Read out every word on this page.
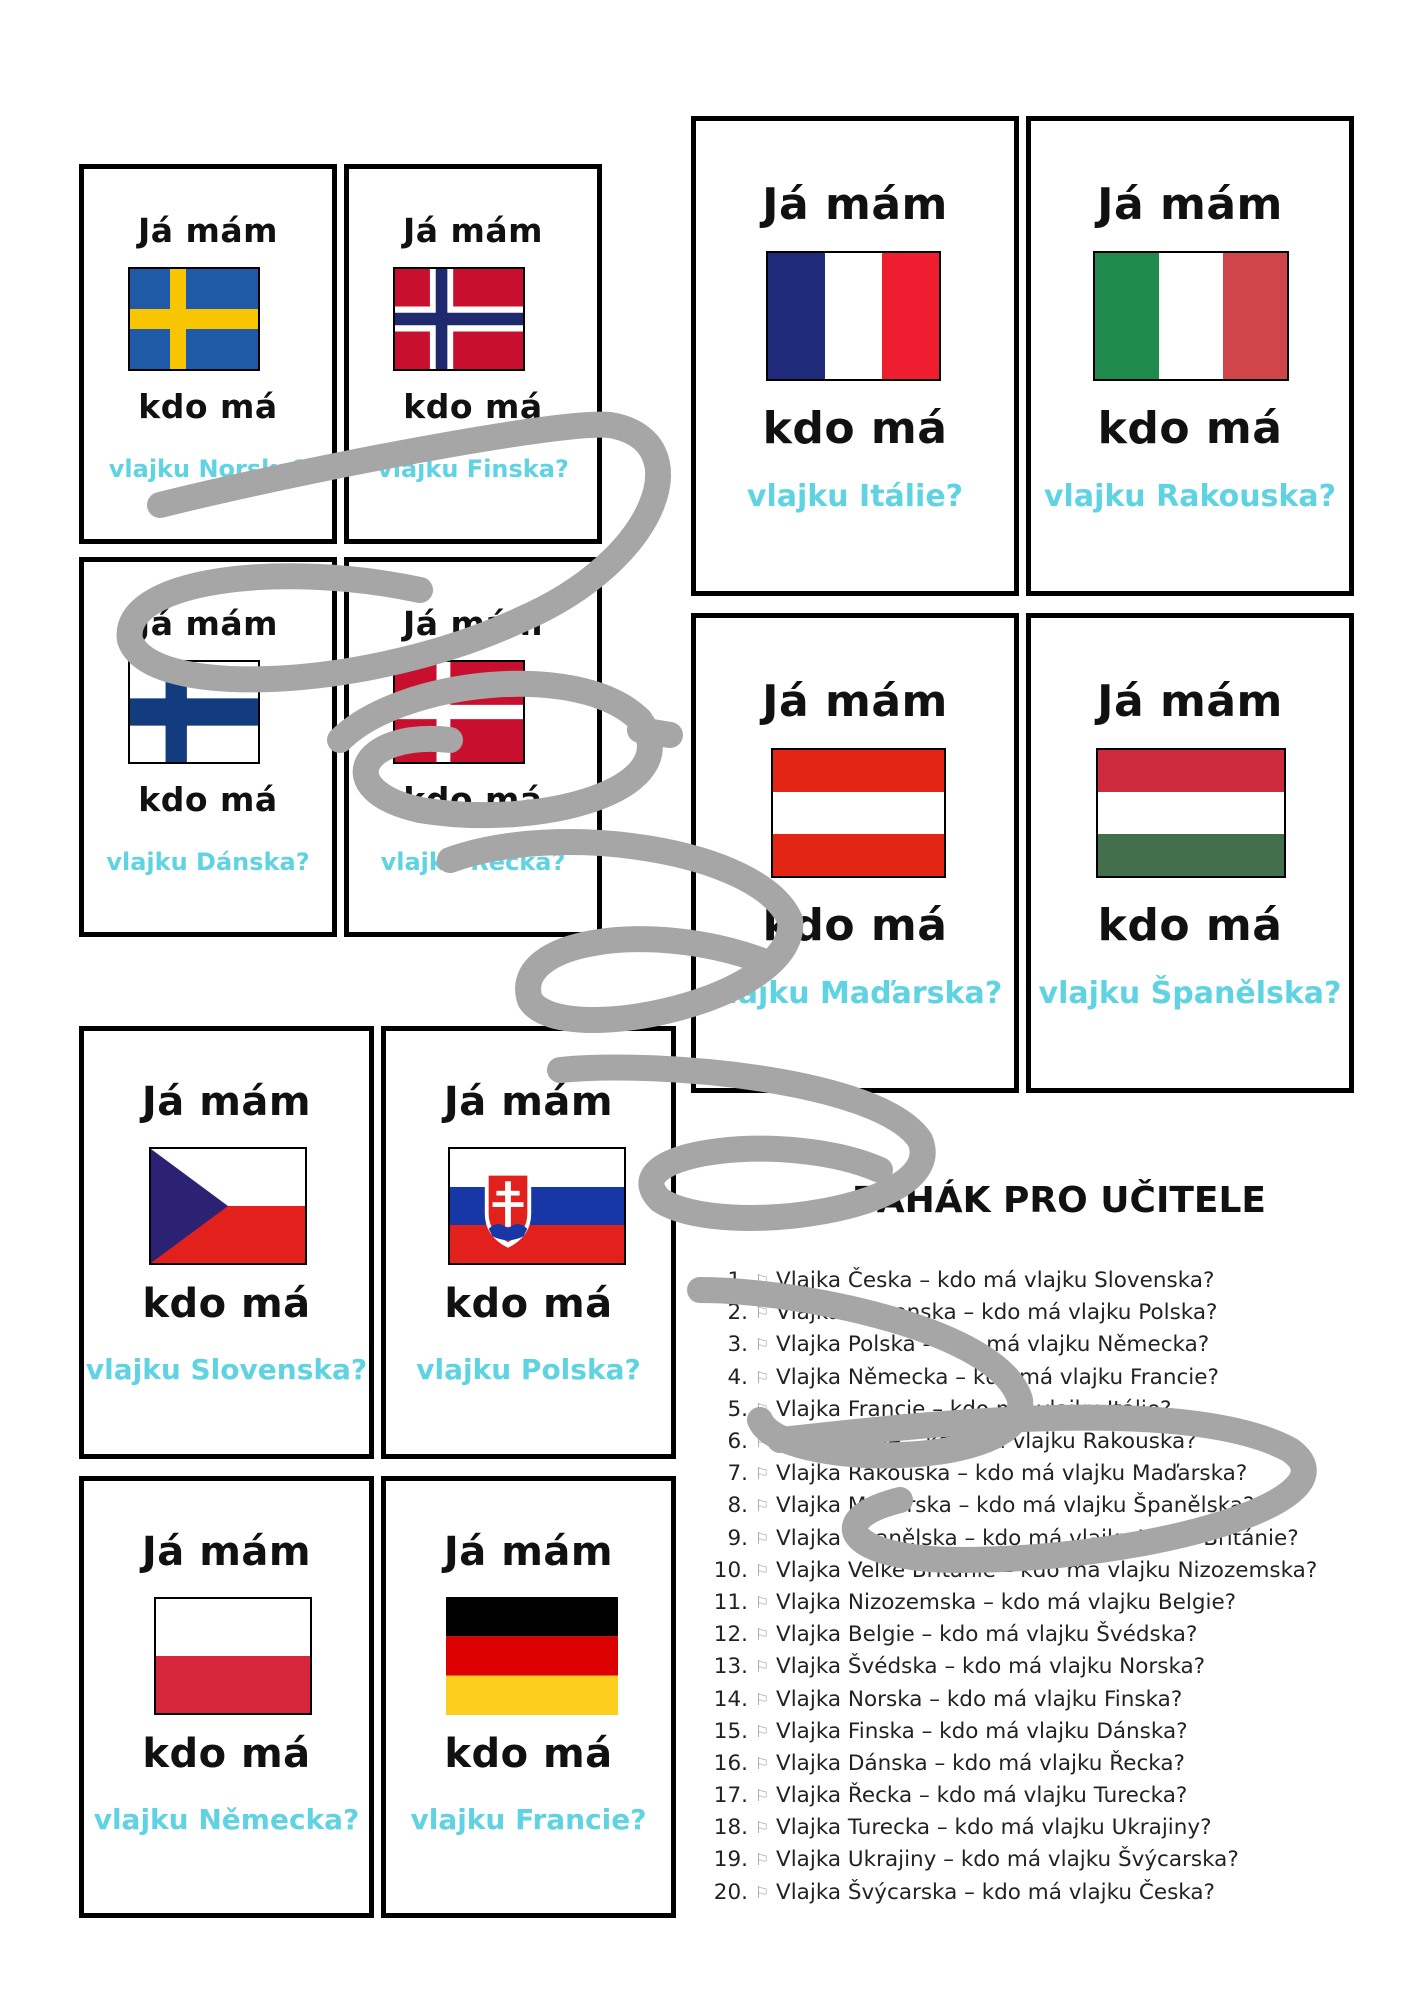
Já mám
kdo má
vlajku Norska?
Já mám
kdo má
vlajku Finska?
Já mám
kdo má
vlajku Dánska?
Já mám
kdo má
vlajku Řecka?
Já mám
kdo má
vlajku Itálie?
Já mám
kdo má
vlajku Rakouska?
Já mám
kdo má
vlajku Maďarska?
Já mám
kdo má
vlajku Španělska?
Já mám
kdo má
vlajku Slovenska?
Já mám
kdo má
vlajku Polska?
Já mám
kdo má
vlajku Německa?
Já mám
kdo má
vlajku Francie?
TAHÁK PRO UČITELE
1. ⚐ Vlajka Česka – kdo má vlajku Slovenska?
2. ⚐ Vlajka Slovenska – kdo má vlajku Polska?
3. ⚐ Vlajka Polska – kdo má vlajku Německa?
4. ⚐ Vlajka Německa – kdo má vlajku Francie?
5. ⚐ Vlajka Francie – kdo má vlajku Itálie?
6. ⚐ Vlajka Itálie – kdo má vlajku Rakouska?
7. ⚐ Vlajka Rakouska – kdo má vlajku Maďarska?
8. ⚐ Vlajka Maďarska – kdo má vlajku Španělska?
9. ⚐ Vlajka Španělska – kdo má vlajku Velké Británie?
10. ⚐ Vlajka Velké Británie – kdo má vlajku Nizozemska?
11. ⚐ Vlajka Nizozemska – kdo má vlajku Belgie?
12. ⚐ Vlajka Belgie – kdo má vlajku Švédska?
13. ⚐ Vlajka Švédska – kdo má vlajku Norska?
14. ⚐ Vlajka Norska – kdo má vlajku Finska?
15. ⚐ Vlajka Finska – kdo má vlajku Dánska?
16. ⚐ Vlajka Dánska – kdo má vlajku Řecka?
17. ⚐ Vlajka Řecka – kdo má vlajku Turecka?
18. ⚐ Vlajka Turecka – kdo má vlajku Ukrajiny?
19. ⚐ Vlajka Ukrajiny – kdo má vlajku Švýcarska?
20. ⚐ Vlajka Švýcarska – kdo má vlajku Česka?
